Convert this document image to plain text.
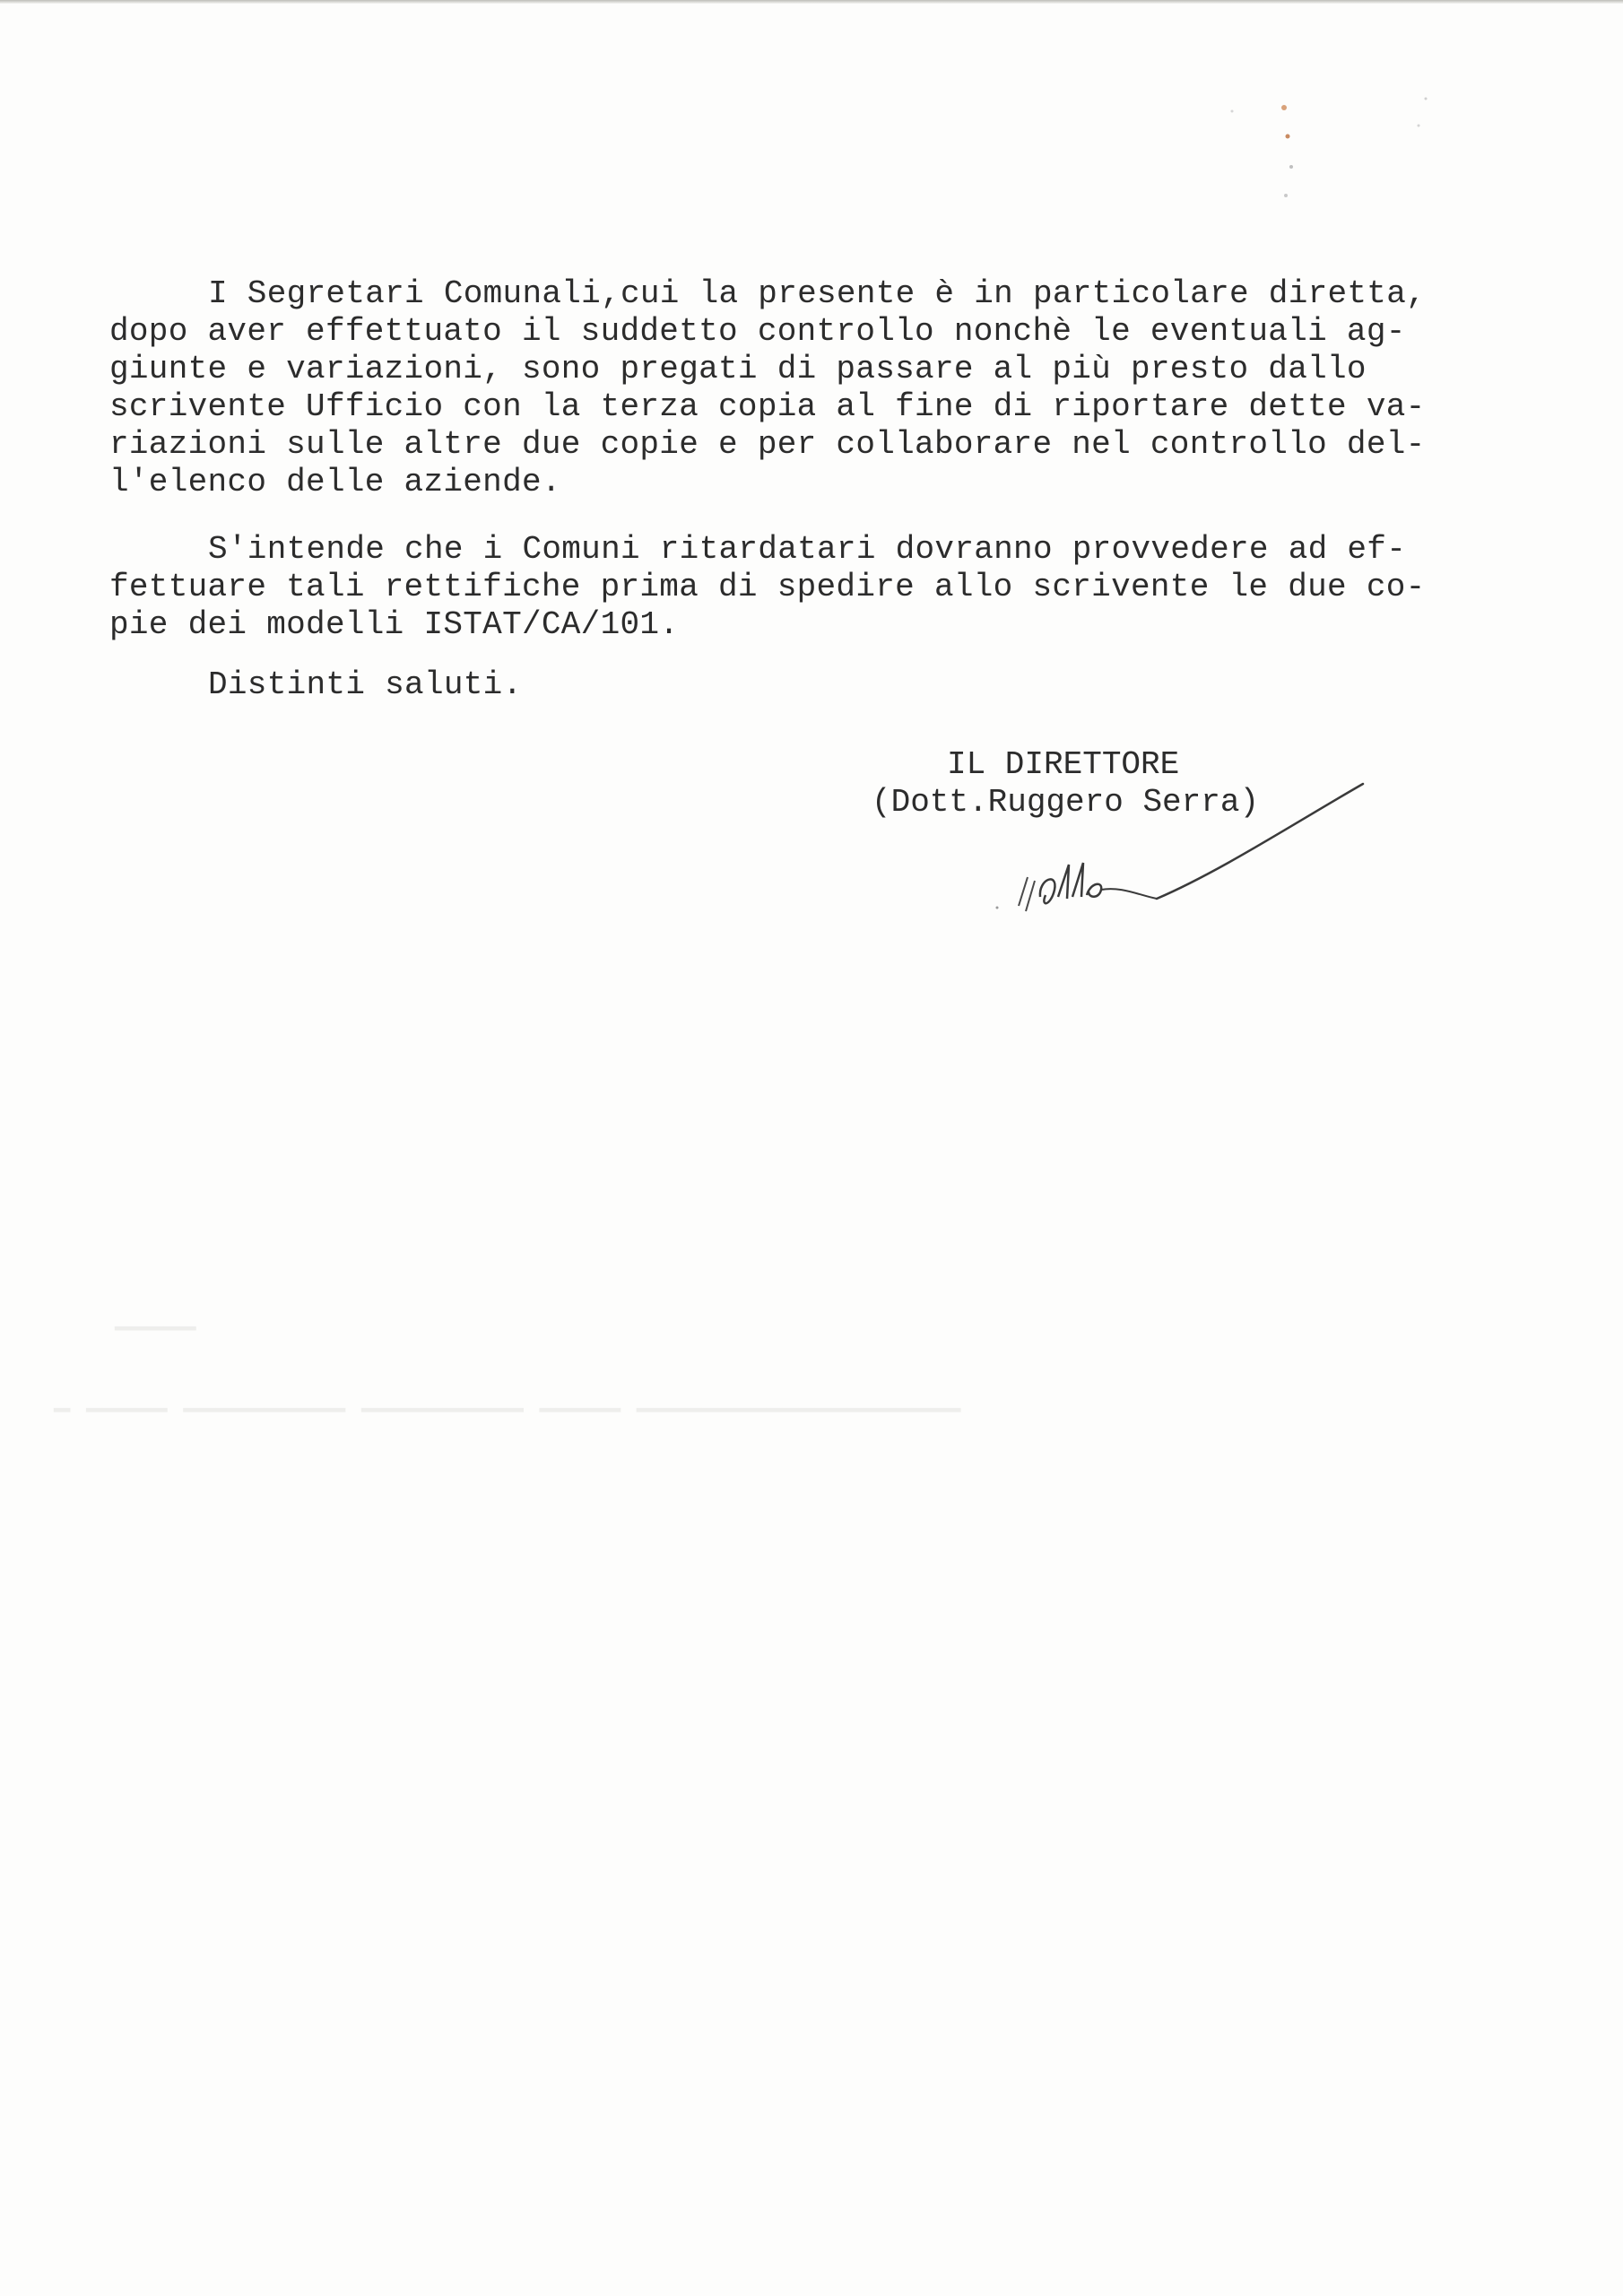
I Segretari Comunali,cui la presente è in particolare diretta,
dopo aver effettuato il suddetto controllo nonchè le eventuali ag-
giunte e variazioni, sono pregati di passare al più presto dallo
scrivente Ufficio con la terza copia al fine di riportare dette va-
riazioni sulle altre due copie e per collaborare nel controllo del-
l'elenco delle aziende.
S'intende che i Comuni ritardatari dovranno provvedere ad ef-
fettuare tali rettifiche prima di spedire allo scrivente le due co-
pie dei modelli ISTAT/CA/101.
Distinti saluti.
IL DIRETTORE
(Dott.Ruggero Serra)
▔▔▔▔▔
▁ ▁▁▁▁▁ ▁▁▁▁▁▁▁▁▁▁ ▁▁▁▁▁▁▁▁▁▁ ▁▁▁▁▁ ▁▁▁▁▁▁▁▁▁▁▁▁▁▁▁▁▁▁▁▁
